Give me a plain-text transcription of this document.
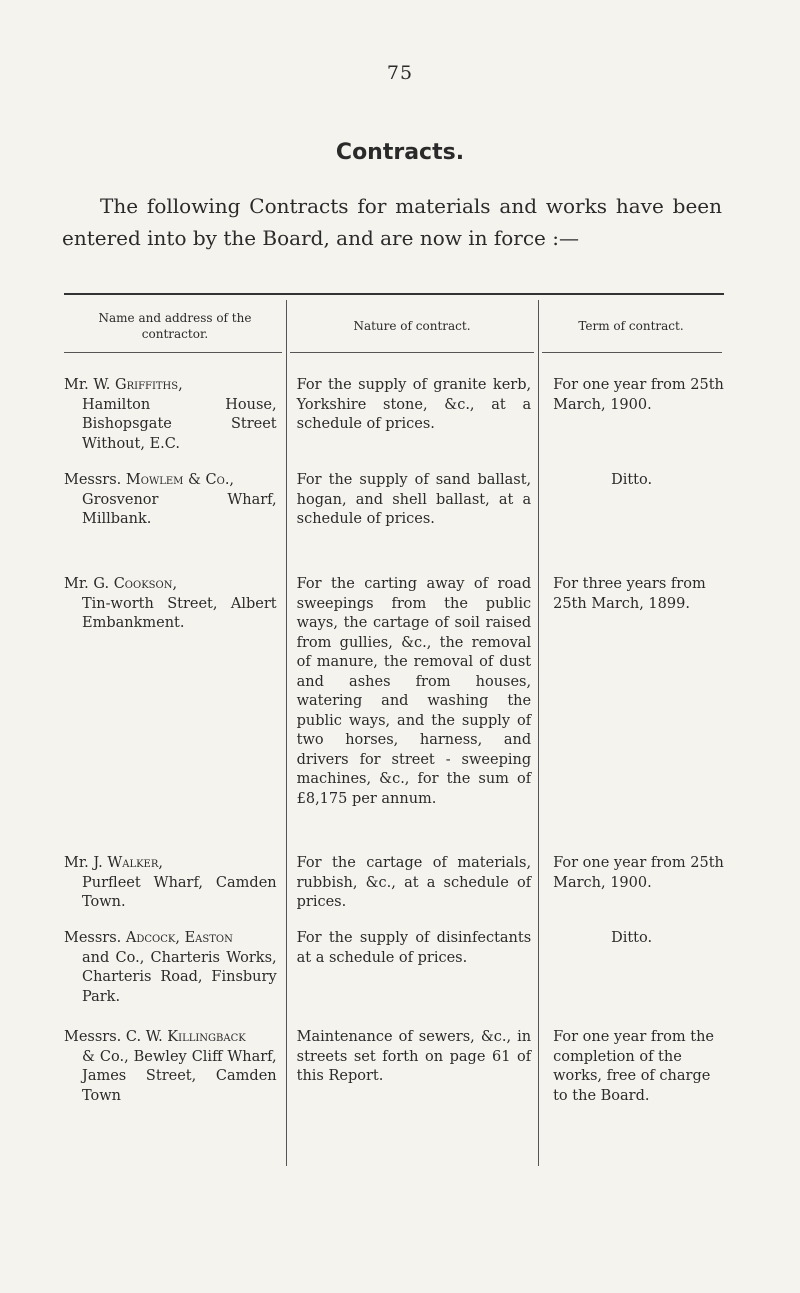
75
Contracts.
The following Contracts for materials and works have been entered into by the Board, and are now in force :—
Name and address of the contractor.
Nature of contract.	Term of contract.
Mr. W. Griffiths,
Hamilton House, Bishopsgate Street Without, E.C.
For the supply of granite kerb, Yorkshire stone, &c., at a schedule of prices.
For one year from 25th March, 1900.
Messrs. Mowlem & Co.,
Grosvenor Wharf, Millbank.
For the supply of sand ballast, hogan, and shell ballast, at a schedule of prices.
Ditto.
Mr. G. Cookson,
Tin-worth Street, Albert Embankment.
For the carting away of road sweepings from the public ways, the cartage of soil raised from gullies, &c., the removal of manure, the removal of dust and ashes from houses, watering and washing the public ways, and the supply of two horses, harness, and drivers for street - sweeping machines, &c., for the sum of £8,175 per annum.
For three years from 25th March, 1899.
Mr. J. Walker,
Purfleet Wharf, Camden Town.
For the cartage of materials, rubbish, &c., at a schedule of prices.
For one year from 25th March, 1900.
Messrs. Adcock, Easton
and Co., Charteris Works, Charteris Road, Finsbury Park.
For the supply of disinfectants at a schedule of prices.
Ditto.
Messrs. C. W. Killingback
& Co., Bewley Cliff Wharf, James Street, Camden Town
Maintenance of sewers, &c., in streets set forth on page 61 of this Report.
For one year from the completion of the works, free of charge to the Board.
